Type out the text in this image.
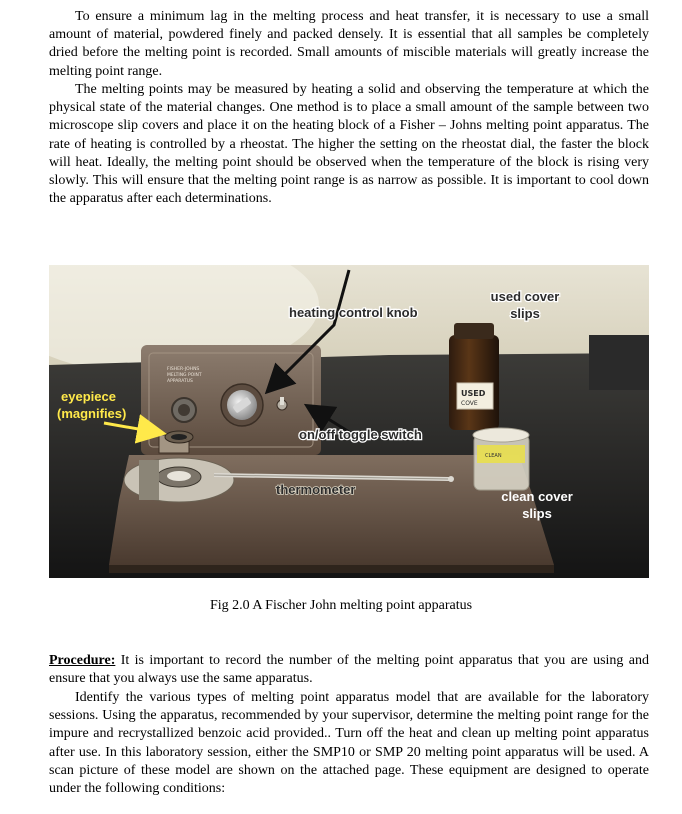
To ensure a minimum lag in the melting process and heat transfer, it is necessary to use a small amount of material, powdered finely and packed densely. It is essential that all samples be completely dried before the melting point is recorded. Small amounts of miscible materials will greatly increase the melting point range.

The melting points may be measured by heating a solid and observing the temperature at which the physical state of the material changes. One method is to place a small amount of the sample between two microscope slip covers and place it on the heating block of a Fisher – Johns melting point apparatus. The rate of heating is controlled by a rheostat. The higher the setting on the rheostat dial, the faster the block will heat. Ideally, the melting point should be observed when the temperature of the block is rising very slowly. This will ensure that the melting point range is as narrow as possible. It is important to cool down the apparatus after each determinations.

FISHER-JOHNS
MELTING POINT
APPARATUS
USED
COVE
CLEAN
heating control knob
used cover
slips
eyepiece
(magnifies)
on/off toggle switch
thermometer	clean cover
slips
Fig 2.0 A Fischer John melting point apparatus

Procedure: It is important to record the number of the melting point apparatus that you are using and ensure that you always use the same apparatus.

Identify the various types of melting point apparatus model that are available for the laboratory sessions. Using the apparatus, recommended by your supervisor, determine the melting point range for the impure and recrystallized benzoic acid provided.. Turn off the heat and clean up melting point apparatus after use. In this laboratory session, either the SMP10 or SMP 20 melting point apparatus will be used. A scan picture of these model are shown on the attached page. These equipment are designed to operate under the following conditions:
